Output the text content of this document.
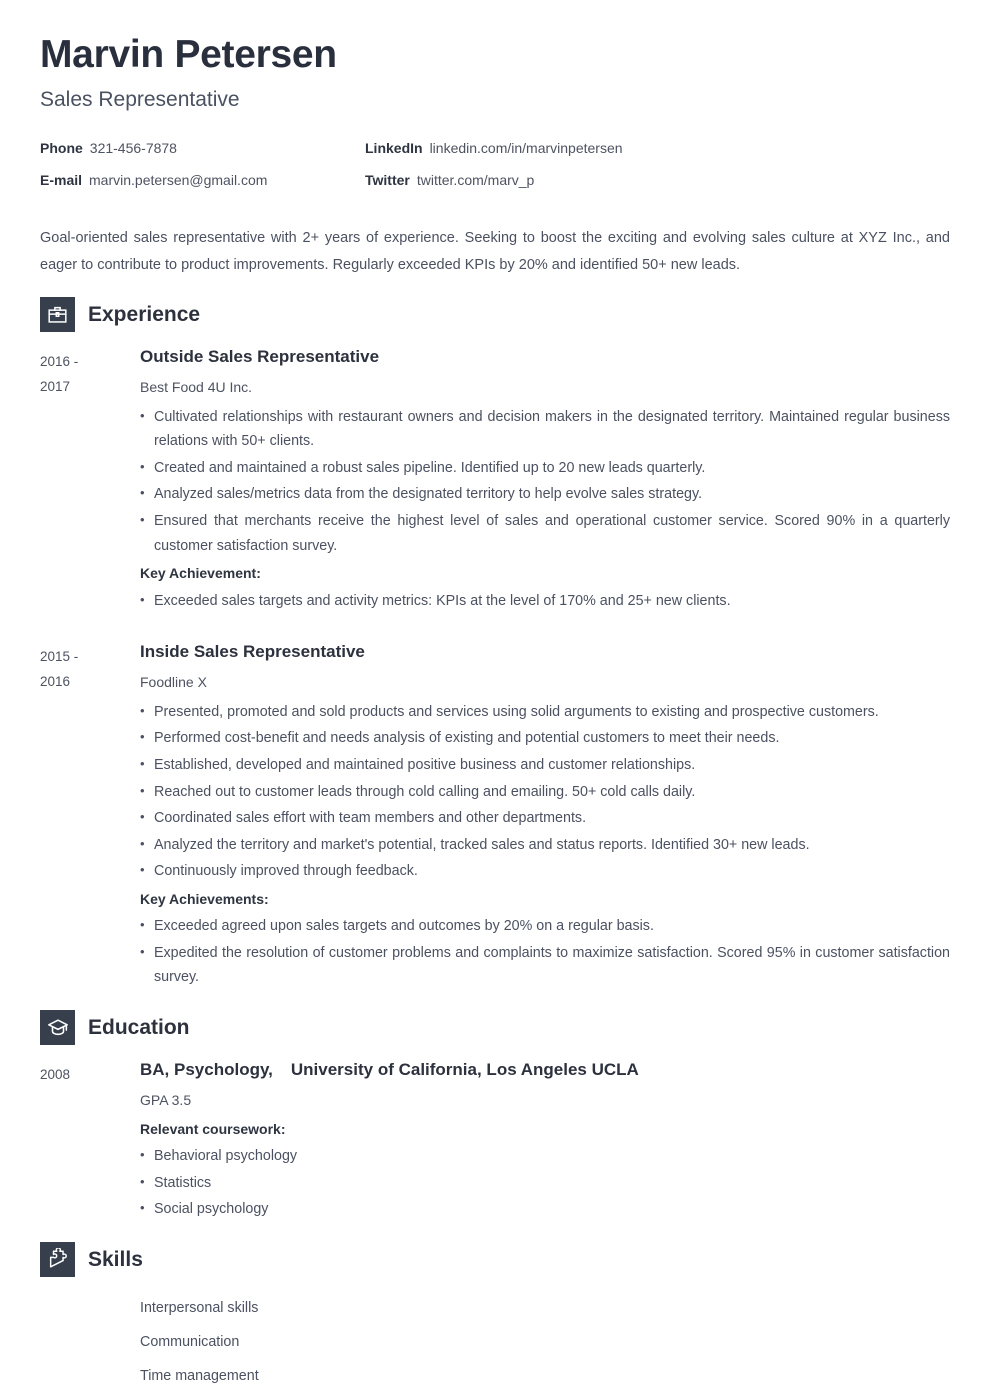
Marvin Petersen
Sales Representative
Phone 321-456-7878	LinkedIn linkedin.com/in/marvinpetersen
E-mail marvin.petersen@gmail.com	Twitter twitter.com/marv_p

Goal-oriented sales representative with 2+ years of experience. Seeking to boost the exciting and evolving sales culture at XYZ Inc., and eager to contribute to product improvements. Regularly exceeded KPIs by 20% and identified 50+ new leads.

Experience
2016 -
2017
Outside Sales Representative

Best Food 4U Inc.

• Cultivated relationships with restaurant owners and decision makers in the designated territory. Maintained regular business relations with 50+ clients.
• Created and maintained a robust sales pipeline. Identified up to 20 new leads quarterly.
• Analyzed sales/metrics data from the designated territory to help evolve sales strategy.
• Ensured that merchants receive the highest level of sales and operational customer service. Scored 90% in a quarterly customer satisfaction survey.

Key Achievement:

• Exceeded sales targets and activity metrics: KPIs at the level of 170% and 25+ new clients.
2015 -
2016
Inside Sales Representative

Foodline X

• Presented, promoted and sold products and services using solid arguments to existing and prospective customers.
• Performed cost-benefit and needs analysis of existing and potential customers to meet their needs.
• Established, developed and maintained positive business and customer relationships.
• Reached out to customer leads through cold calling and emailing. 50+ cold calls daily.
• Coordinated sales effort with team members and other departments.
• Analyzed the territory and market's potential, tracked sales and status reports. Identified 30+ new leads.
• Continuously improved through feedback.

Key Achievements:

• Exceeded agreed upon sales targets and outcomes by 20% on a regular basis.
• Expedited the resolution of customer problems and complaints to maximize satisfaction. Scored 95% in customer satisfaction survey.
Education
2008	BA, Psychology, University of California, Los Angeles UCLA

GPA 3.5

Relevant coursework:

• Behavioral psychology
• Statistics
• Social psychology
Skills
Interpersonal skills
Communication
Time management
